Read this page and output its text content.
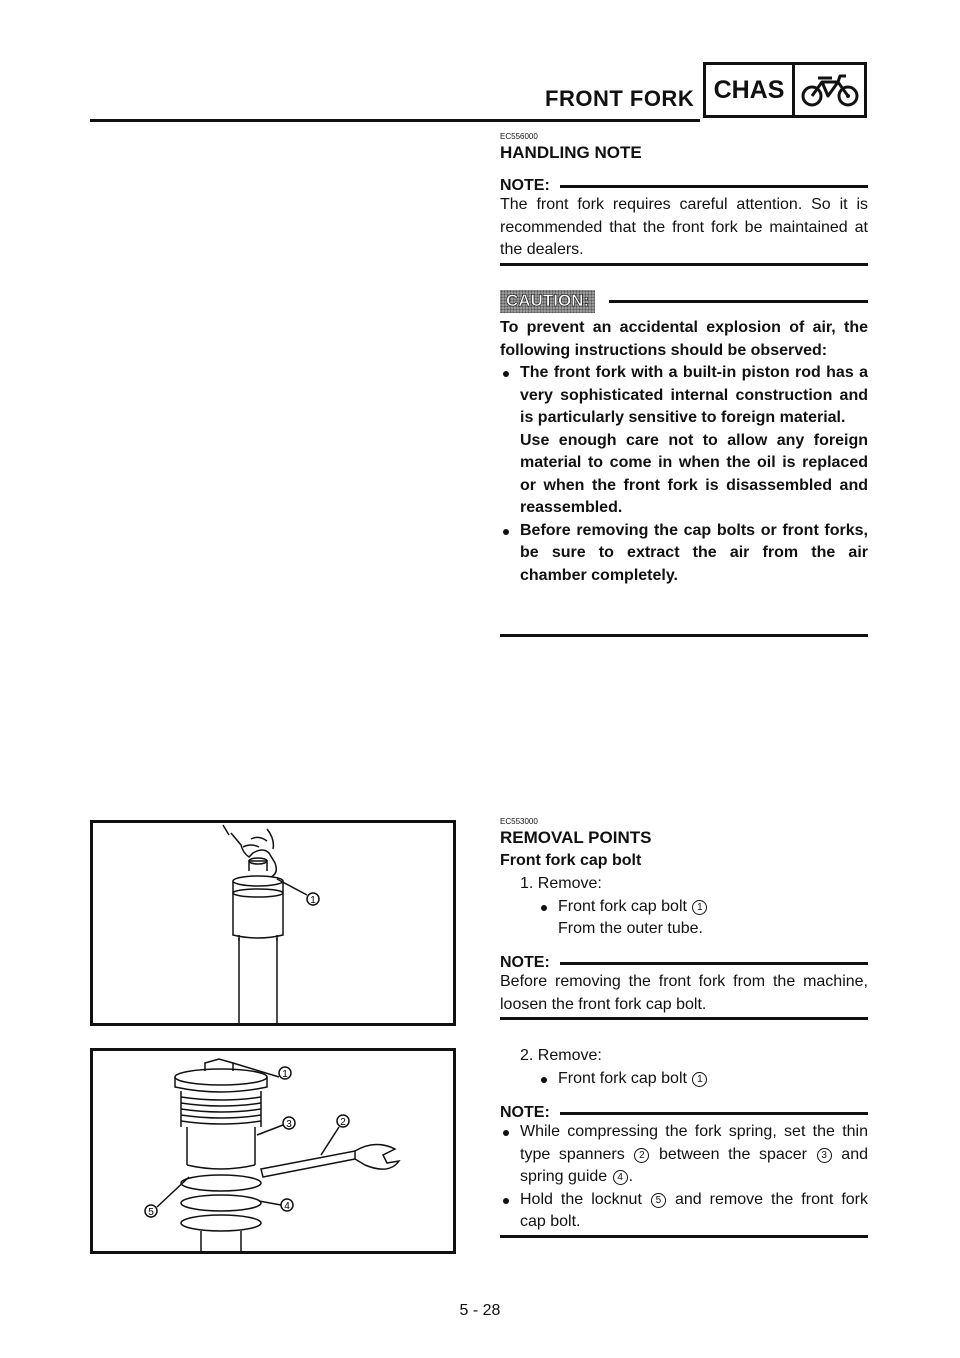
FRONT FORK CHAS
EC556000
HANDLING NOTE
NOTE:
The front fork requires careful attention. So it is recommended that the front fork be maintained at the dealers.
CAUTION:
To prevent an accidental explosion of air, the following instructions should be observed:
The front fork with a built-in piston rod has a very sophisticated internal construction and is particularly sensitive to foreign material.
Use enough care not to allow any foreign material to come in when the oil is replaced or when the front fork is disassembled and reassembled.
Before removing the cap bolts or front forks, be sure to extract the air from the air chamber completely.
EC553000
REMOVAL POINTS
Front fork cap bolt
1. Remove:
Front fork cap bolt 1
From the outer tube.
NOTE:
Before removing the front fork from the machine, loosen the front fork cap bolt.
2. Remove:
Front fork cap bolt 1
NOTE:
While compressing the fork spring, set the thin type spanners 2 between the spacer 3 and spring guide 4 .
Hold the locknut 5 and remove the front fork cap bolt.
1
1
3	2
5
4
5 - 28
